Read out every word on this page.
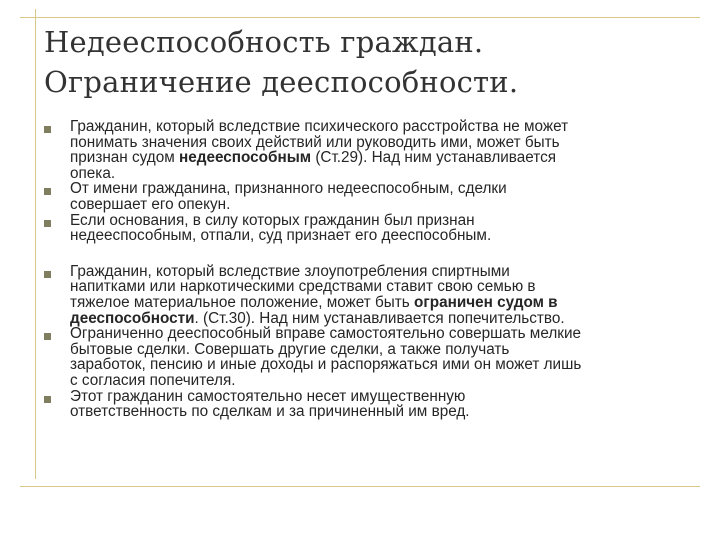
Недееспособность граждан.
Ограничение дееспособности.
Гражданин, который вследствие психического расстройства не может
понимать значения своих действий или руководить ими, может быть
признан судом недееспособным (Ст.29). Над ним устанавливается
опека.
От имени гражданина, признанного недееспособным, сделки
совершает его опекун.
Если основания, в силу которых гражданин был признан
недееспособным, отпали, суд признает его дееспособным.
Гражданин, который вследствие злоупотребления спиртными
напитками или наркотическими средствами ставит свою семью в
тяжелое материальное положение, может быть ограничен судом в
дееспособности. (Ст.30). Над ним устанавливается попечительство.
Ограниченно дееспособный вправе самостоятельно совершать мелкие
бытовые сделки. Совершать другие сделки, а также получать
заработок, пенсию и иные доходы и распоряжаться ими он может лишь
с согласия попечителя.
Этот гражданин самостоятельно несет имущественную
ответственность по сделкам и за причиненный им вред.
